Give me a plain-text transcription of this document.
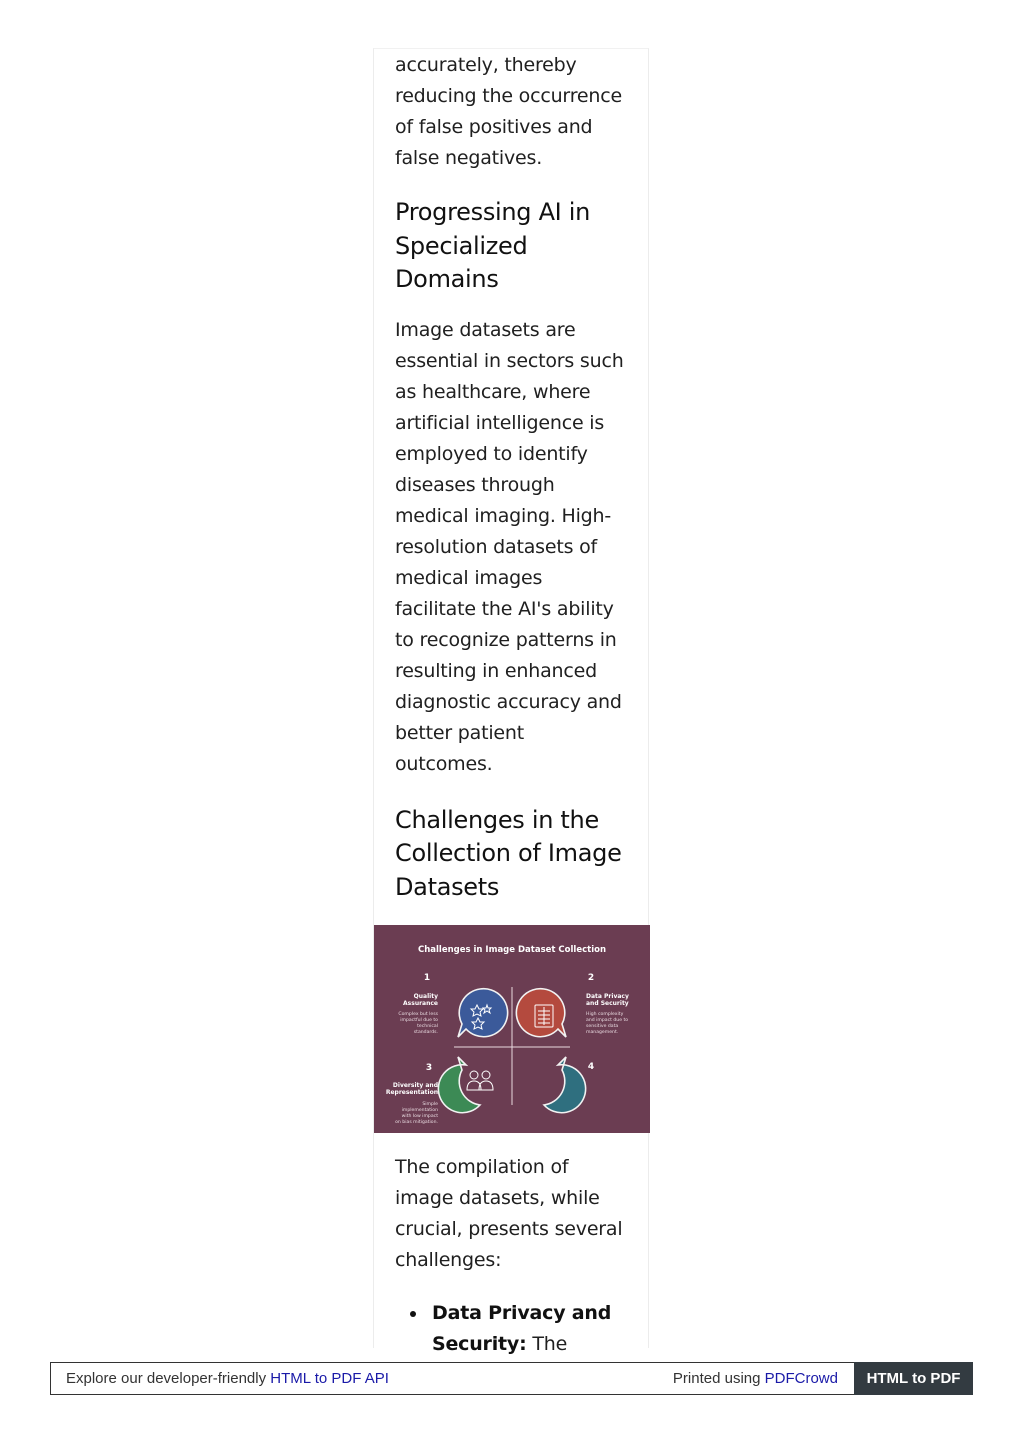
accurately, thereby reducing the occurrence of false positives and false negatives.

Progressing AI in Specialized Domains

Image datasets are essential in sectors such as healthcare, where artificial intelligence is employed to identify diseases through medical imaging. High-resolution datasets of medical images facilitate the AI's ability to recognize patterns in resulting in enhanced diagnostic accuracy and better patient outcomes.

Challenges in the Collection of Image Datasets
Challenges in Image Dataset Collection
1	2
3	4
Quality
Assurance
Complex but less
impactful due to
technical
standards.
Data Privacy
and Security
High complexity
and impact due to
sensitive data
management.
Diversity and
Representation
Simple
implementation
with low impact
on bias mitigation.

The compilation of image datasets, while crucial, presents several challenges:

Data Privacy and Security: The
Explore our developer-friendly HTML to PDF API	Printed using PDFCrowd	HTML to PDF
